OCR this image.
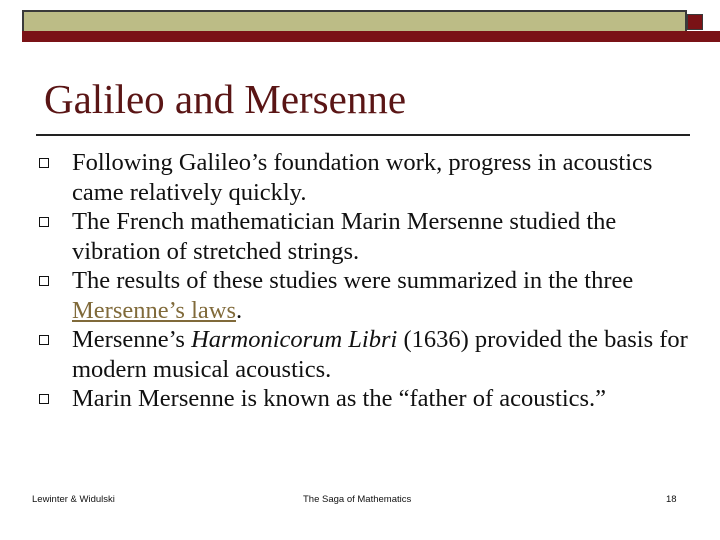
Galileo and Mersenne
Following Galileo’s foundation work, progress in acoustics came relatively quickly.
The French mathematician Marin Mersenne studied the vibration of stretched strings.
The results of these studies were summarized in the three Mersenne’s laws.
Mersenne’s Harmonicorum Libri (1636) provided the basis for modern musical acoustics.
Marin Mersenne is known as the “father of acoustics.”
Lewinter & Widulski	The Saga of Mathematics	18
